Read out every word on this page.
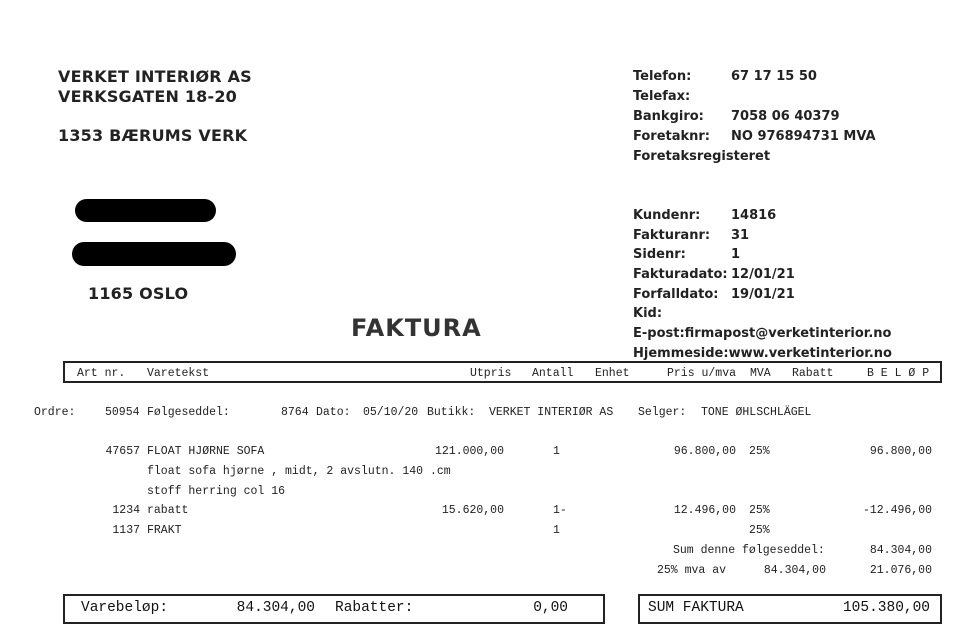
VERKET INTERIØR AS
VERKSGATEN 18-20
1353 BÆRUMS VERK
Telefon:	67 17 15 50
Telefax:
Bankgiro: 7058 06 40379
Foretaknr: NO 976894731 MVA
Foretaksregisteret
1165 OSLO
Kundenr: 14816
Fakturanr: 31
Sidenr:	1
Fakturadato: 12/01/21
Forfalldato: 19/01/21
Kid:
E-post:firmapost@verketinterior.no
Hjemmeside:www.verketinterior.no
FAKTURA
Art nr. Varetekst	Utpris Antall Enhet	Pris u/mva MVA Rabatt	B E L Ø P
Ordre:	50954 Følgeseddel:	8764 Dato: 05/10/20 Butikk: VERKET INTERIØR AS Selger: TONE ØHLSCHLÄGEL
47657 FLOAT HJØRNE SOFA	121.000,00	1	96.800,00 25%	96.800,00
float sofa hjørne , midt, 2 avslutn. 140 .cm
stoff herring col 16
1234 rabatt	15.620,00	1-	12.496,00 25%	-12.496,00
1137 FRAKT	1	25%
Sum denne følgeseddel:	84.304,00
25% mva av	84.304,00	21.076,00
Varebeløp:	84.304,00 Rabatter:	0,00	SUM FAKTURA	105.380,00
